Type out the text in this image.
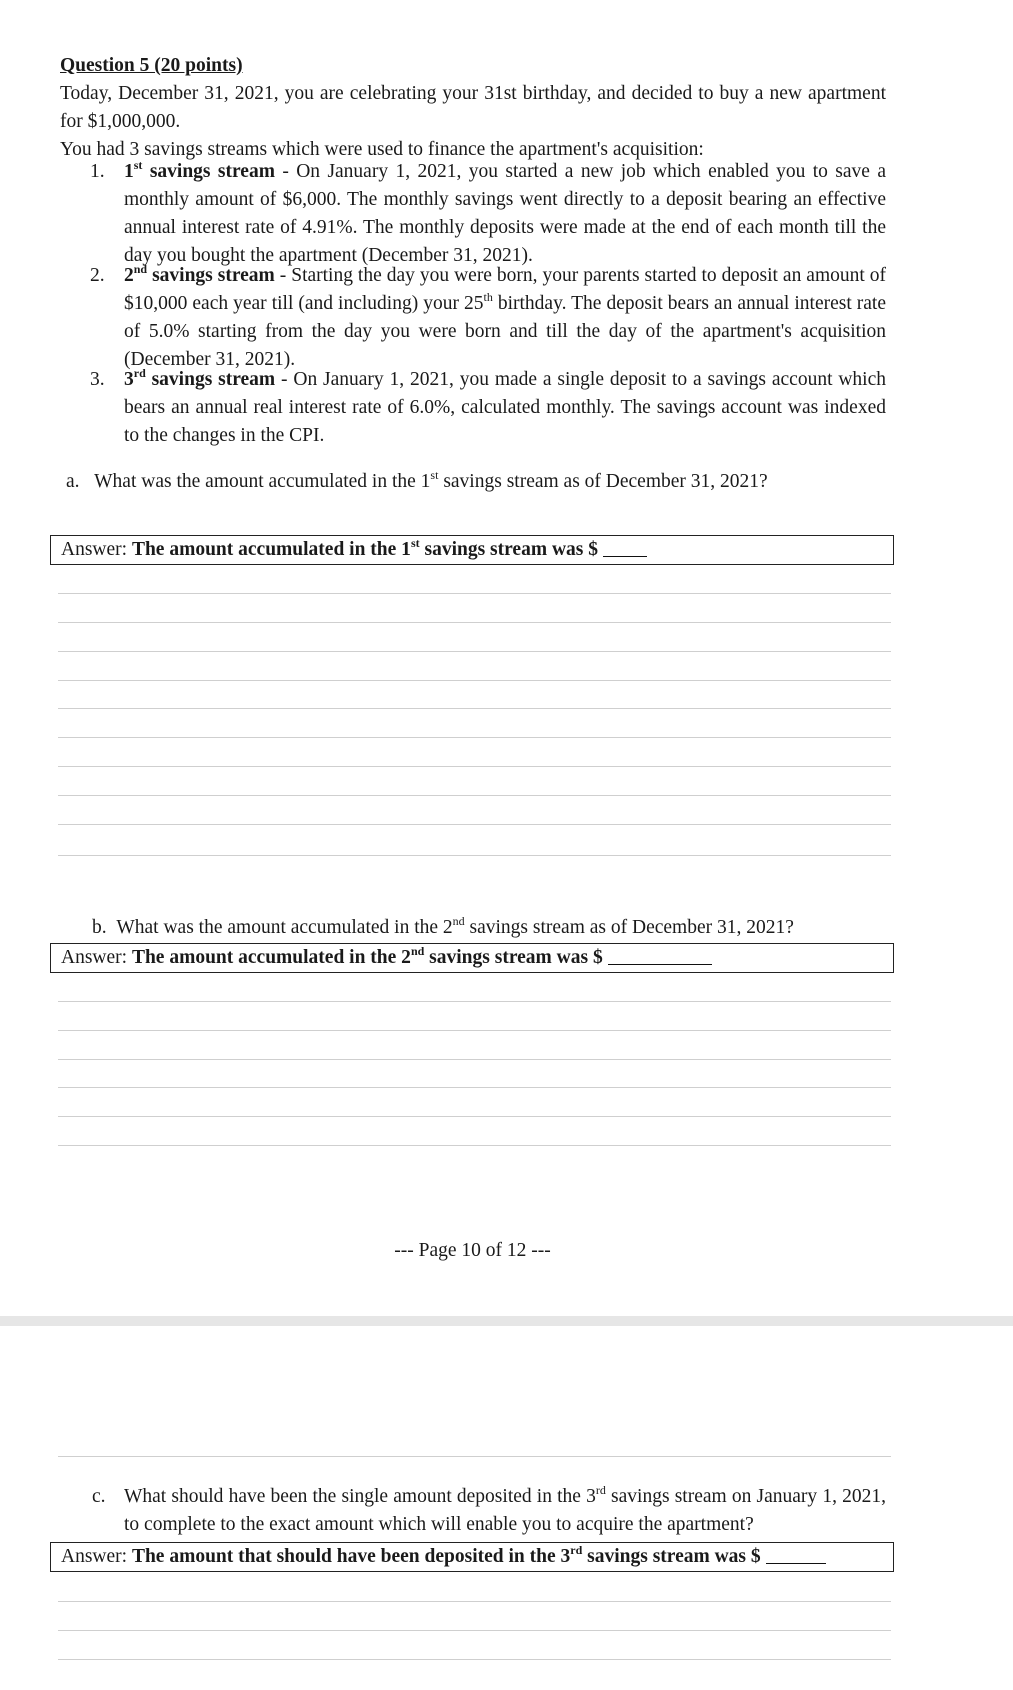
Question 5 (20 points)
Today, December 31, 2021, you are celebrating your 31st birthday, and decided to buy a new apartment for $1,000,000.
You had 3 savings streams which were used to finance the apartment's acquisition:
1. 1st savings stream - On January 1, 2021, you started a new job which enabled you to save a monthly amount of $6,000. The monthly savings went directly to a deposit bearing an effective annual interest rate of 4.91%. The monthly deposits were made at the end of each month till the day you bought the apartment (December 31, 2021).
2. 2nd savings stream - Starting the day you were born, your parents started to deposit an amount of $10,000 each year till (and including) your 25th birthday. The deposit bears an annual interest rate of 5.0% starting from the day you were born and till the day of the apartment's acquisition (December 31, 2021).
3. 3rd savings stream - On January 1, 2021, you made a single deposit to a savings account which bears an annual real interest rate of 6.0%, calculated monthly. The savings account was indexed to the changes in the CPI.
a. What was the amount accumulated in the 1st savings stream as of December 31, 2021?
Answer: The amount accumulated in the 1st savings stream was $
b. What was the amount accumulated in the 2nd savings stream as of December 31, 2021?
Answer: The amount accumulated in the 2nd savings stream was $
--- Page 10 of 12 ---
c. What should have been the single amount deposited in the 3rd savings stream on January 1, 2021, to complete to the exact amount which will enable you to acquire the apartment?
Answer: The amount that should have been deposited in the 3rd savings stream was $
